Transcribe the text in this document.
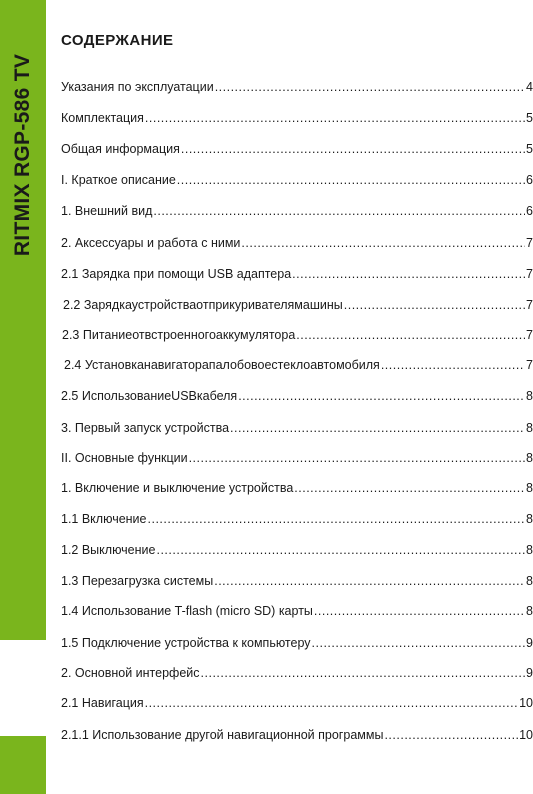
RITMIX RGP-586 TV
СОДЕРЖАНИЕ
Указания по эксплуатации .....	4
Комплектация .....	5
Общая информация .....	5
I. Краткое описание .....	6
1. Внешний вид .....	6
2. Аксессуары и работа с ними .....	7
2.1 Зарядка при помощи USB адаптера .....	7
2.2 Зарядкаустройстваотприкуривателямашины .....	7
2.3 Питаниеотвстроенногоаккумулятора .....	7
2.4 Установканавигаторапалобовоестеклоавтомобиля .....	7
2.5 ИспользованиеUSBкабеля .....	8
3. Первый запуск устройства .....	8
II. Основные функции .....	8
1. Включение и выключение устройства .....	8
1.1 Включение .....	8
1.2 Выключение .....	8
1.3 Перезагрузка системы .....	8
1.4 Использование T-flash (micro SD) карты .....	8
1.5 Подключение устройства к компьютеру .....	9
2. Основной интерфейс .....	9
2.1 Навигация .....	10
2.1.1 Использование другой навигационной программы .....	10
